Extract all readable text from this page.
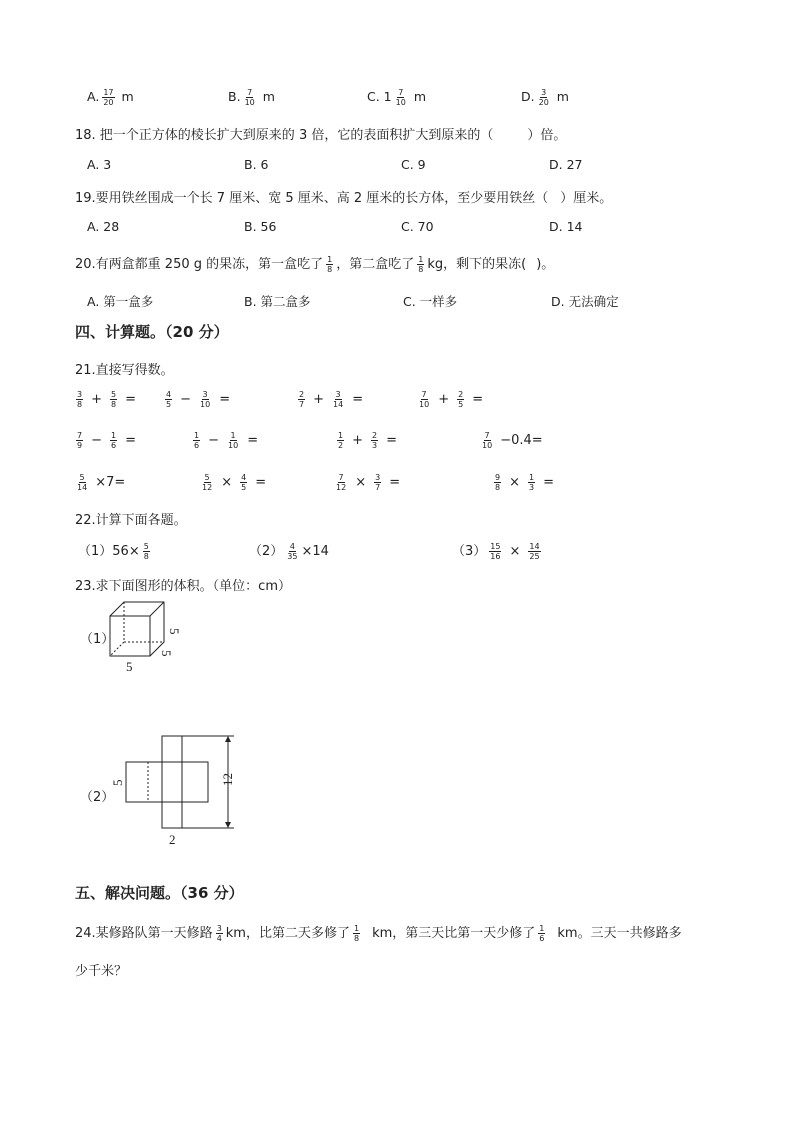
A. $\frac{17}{20}$ m	B. $\frac{7}{10}$ m	C. $1 \frac{7}{10}$ m	D. $\frac{3}{20}$ m
18. 把一个正方体的棱长扩大到原来的 3 倍，它的表面积扩大到原来的（	）倍。
A. 3	B. 6	C. 9	D. 27
19.要用铁丝围成一个长 7 厘米、宽 5 厘米、高 2 厘米的长方体，至少要用铁丝（ ）厘米。
A. 28	B. 56	C. 70	D. 14
20.有两盒都重 250 g 的果冻，第一盒吃了 $\frac{1}{8}$ ，第二盒吃了 $\frac{1}{8}$ kg，剩下的果冻( )。
A. 第一盒多	B. 第二盒多	C. 一样多	D. 无法确定
四、计算题。（20 分）
21.直接写得数。
$\frac{3}{8} + \frac{5}{8}$ =	$\frac{4}{5} - \frac{3}{10}$ =	$\frac{2}{7} + \frac{3}{14}$ =	$\frac{7}{10} + \frac{2}{5}$ =
$\frac{7}{9} - \frac{1}{6}$ =	$\frac{1}{6} - \frac{1}{10}$ =	$\frac{1}{2} + \frac{2}{3}$ =	$\frac{7}{10} -0.4=$
$\frac{5}{14} \times 7=$	$\frac{5}{12} \times \frac{4}{5}$ =	$\frac{7}{12} \times \frac{3}{7}$ =	$\frac{9}{8} \times \frac{1}{3}$ =
22.计算下面各题。
$(1)56\times \frac{5}{8}$	$(2) \frac{4}{35} \times 14$	$(3) \frac{15}{16} \times \frac{14}{25}$
23.求下面图形的体积。（单位：cm）
（1）
（2）
5
5
5
5	12
2
五、解决问题。（36 分）
24.某修路队第一天修路 $\frac{3}{4}$ km，比第二天多修了 $\frac{1}{8}$ km，第三天比第一天少修了 $\frac{1}{6}$ km。三天一共修路多
少千米？
